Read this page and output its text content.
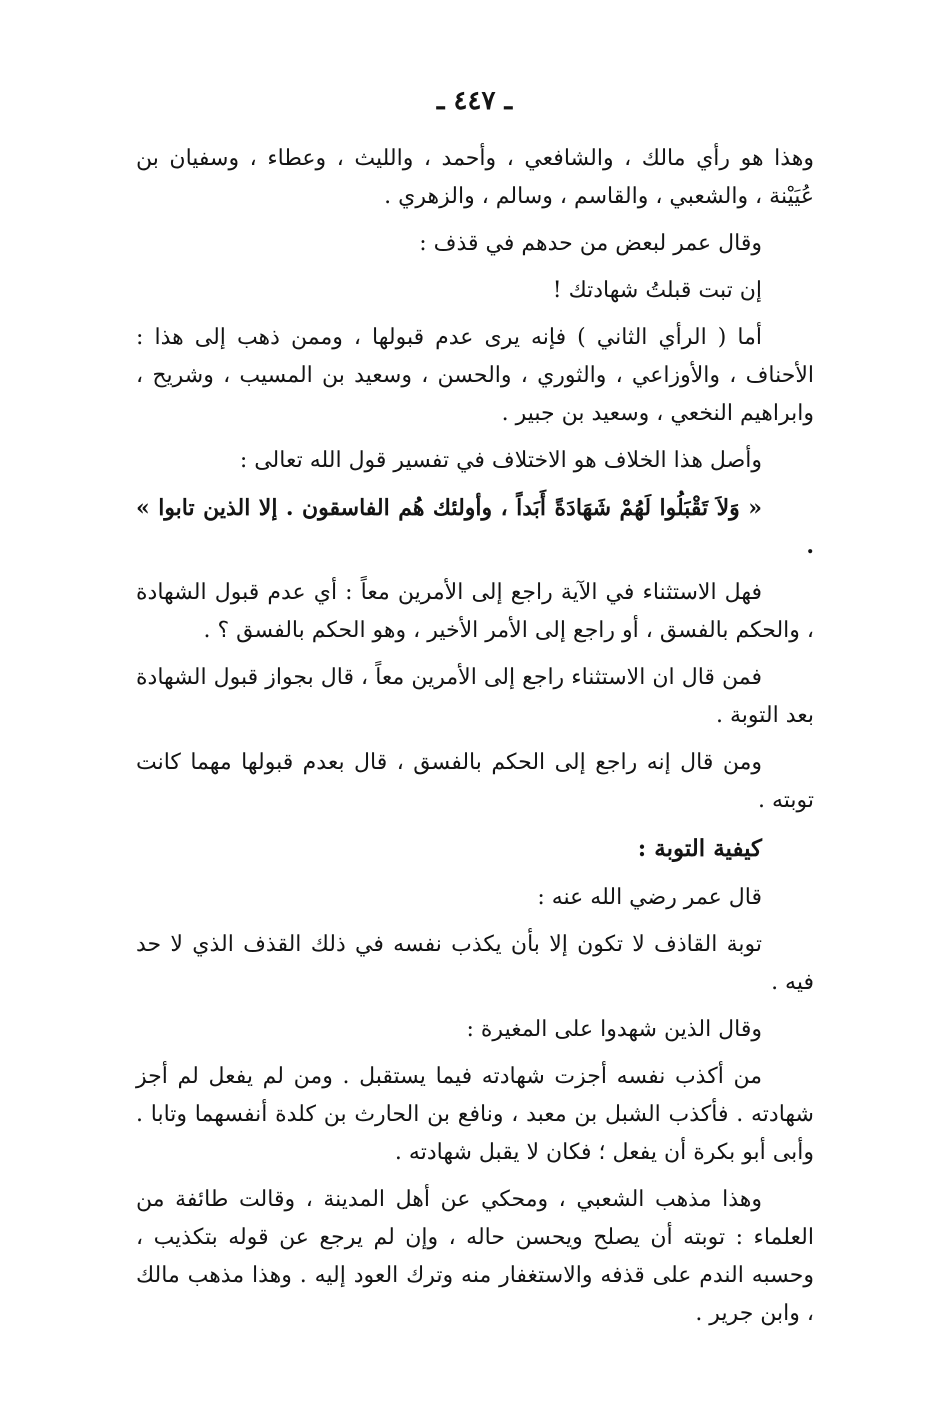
ـ ٤٤٧ ـ

وهذا هو رأي مالك ، والشافعي ، وأحمد ، والليث ، وعطاء ، وسفيان بن عُيَيْنة ، والشعبي ، والقاسم ، وسالم ، والزهري .

وقال عمر لبعض من حدهم في قذف :

إن تبت قبلتُ شهادتك !

أما ( الرأي الثاني ) فإنه يرى عدم قبولها ، وممن ذهب إلى هذا : الأحناف ، والأوزاعي ، والثوري ، والحسن ، وسعيد بن المسيب ، وشريح ، وابراهيم النخعي ، وسعيد بن جبير .

وأصل هذا الخلاف هو الاختلاف في تفسير قول الله تعالى :

« وَلاَ تَقْبَلُوا لَهُمْ شَهَادَةً أَبَداً ، وأولئك هُم الفاسقون . إلا الذين تابوا » .

فهل الاستثناء في الآية راجع إلى الأمرين معاً : أي عدم قبول الشهادة ، والحكم بالفسق ، أو راجع إلى الأمر الأخير ، وهو الحكم بالفسق ؟ .

فمن قال ان الاستثناء راجع إلى الأمرين معاً ، قال بجواز قبول الشهادة بعد التوبة .

ومن قال إنه راجع إلى الحكم بالفسق ، قال بعدم قبولها مهما كانت توبته .

كيفية التوبة :

قال عمر رضي الله عنه :

توبة القاذف لا تكون إلا بأن يكذب نفسه في ذلك القذف الذي لا حد فيه .

وقال الذين شهدوا على المغيرة :

من أكذب نفسه أجزت شهادته فيما يستقبل . ومن لم يفعل لم أجز شهادته . فأكذب الشبل بن معبد ، ونافع بن الحارث بن كلدة أنفسهما وتابا . وأبى أبو بكرة أن يفعل ؛ فكان لا يقبل شهادته .

وهذا مذهب الشعبي ، ومحكي عن أهل المدينة ، وقالت طائفة من العلماء : توبته أن يصلح ويحسن حاله ، وإن لم يرجع عن قوله بتكذيب ، وحسبه الندم على قذفه والاستغفار منه وترك العود إليه . وهذا مذهب مالك ، وابن جرير .
